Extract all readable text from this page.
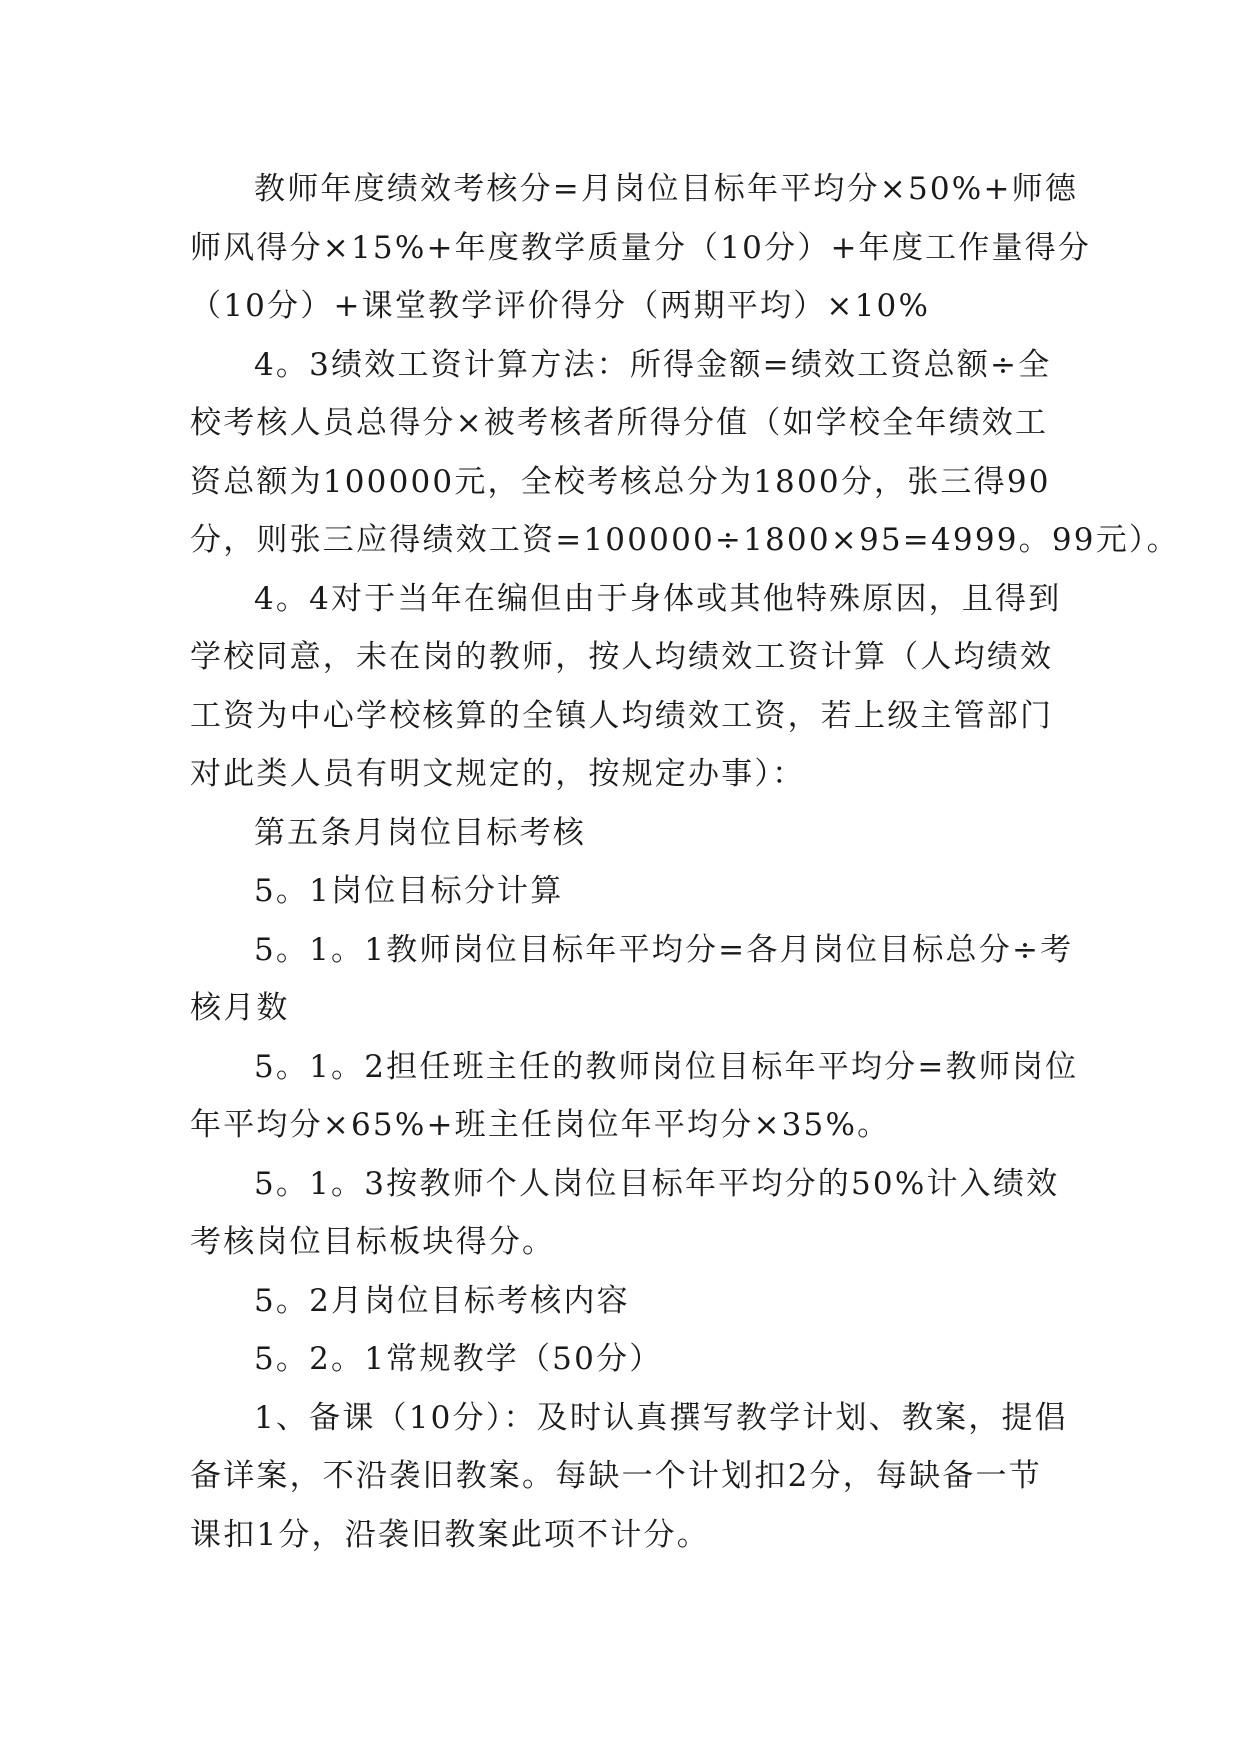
教师年度绩效考核分=月岗位目标年平均分×50%+师德
师风得分×15%+年度教学质量分（10分）+年度工作量得分
（10分）+课堂教学评价得分（两期平均）×10%
4。3绩效工资计算方法：所得金额=绩效工资总额÷全
校考核人员总得分×被考核者所得分值（如学校全年绩效工
资总额为100000元，全校考核总分为1800分，张三得90
分，则张三应得绩效工资=100000÷1800×95=4999。99元）。
4。4对于当年在编但由于身体或其他特殊原因，且得到
学校同意，未在岗的教师，按人均绩效工资计算（人均绩效
工资为中心学校核算的全镇人均绩效工资，若上级主管部门
对此类人员有明文规定的，按规定办事）：
第五条月岗位目标考核
5。1岗位目标分计算
5。1。1教师岗位目标年平均分=各月岗位目标总分÷考
核月数
5。1。2担任班主任的教师岗位目标年平均分=教师岗位
年平均分×65%+班主任岗位年平均分×35%。
5。1。3按教师个人岗位目标年平均分的50%计入绩效
考核岗位目标板块得分。
5。2月岗位目标考核内容
5。2。1常规教学（50分）
1、备课（10分）：及时认真撰写教学计划、教案，提倡
备详案，不沿袭旧教案。每缺一个计划扣2分，每缺备一节
课扣1分，沿袭旧教案此项不计分。
